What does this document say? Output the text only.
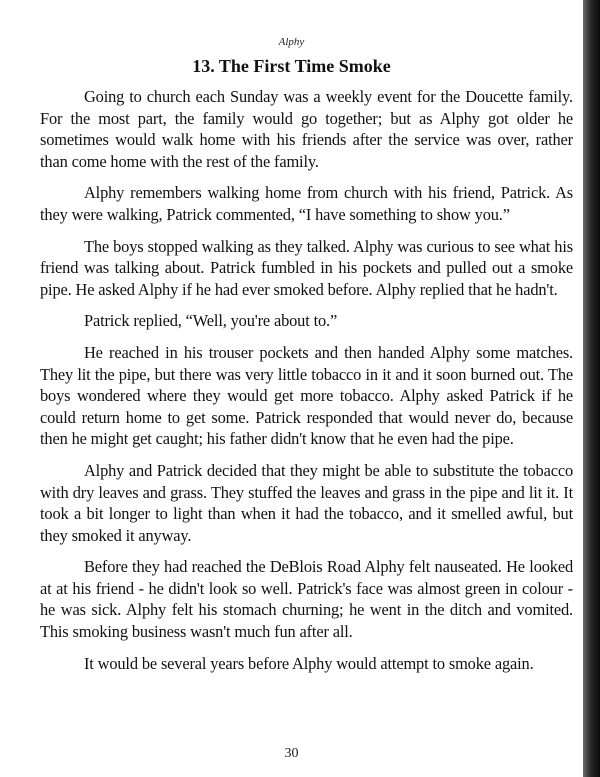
Alphy

13. The First Time Smoke

Going to church each Sunday was a weekly event for the Doucette family. For the most part, the family would go together; but as Alphy got older he sometimes would walk home with his friends after the service was over, rather than come home with the rest of the family.

Alphy remembers walking home from church with his friend, Patrick. As they were walking, Patrick commented, “I have something to show you.”

The boys stopped walking as they talked. Alphy was curious to see what his friend was talking about. Patrick fumbled in his pockets and pulled out a smoke pipe. He asked Alphy if he had ever smoked before. Alphy replied that he hadn't.

Patrick replied, “Well, you're about to.”

He reached in his trouser pockets and then handed Alphy some matches. They lit the pipe, but there was very little tobacco in it and it soon burned out. The boys wondered where they would get more tobacco. Alphy asked Patrick if he could return home to get some. Patrick responded that would never do, because then he might get caught; his father didn't know that he even had the pipe.

Alphy and Patrick decided that they might be able to substitute the tobacco with dry leaves and grass. They stuffed the leaves and grass in the pipe and lit it. It took a bit longer to light than when it had the tobacco, and it smelled awful, but they smoked it anyway.

Before they had reached the DeBlois Road Alphy felt nauseated. He looked at at his friend - he didn't look so well. Patrick's face was almost green in colour - he was sick. Alphy felt his stomach churning; he went in the ditch and vomited. This smoking business wasn't much fun after all.

It would be several years before Alphy would attempt to smoke again.

30
